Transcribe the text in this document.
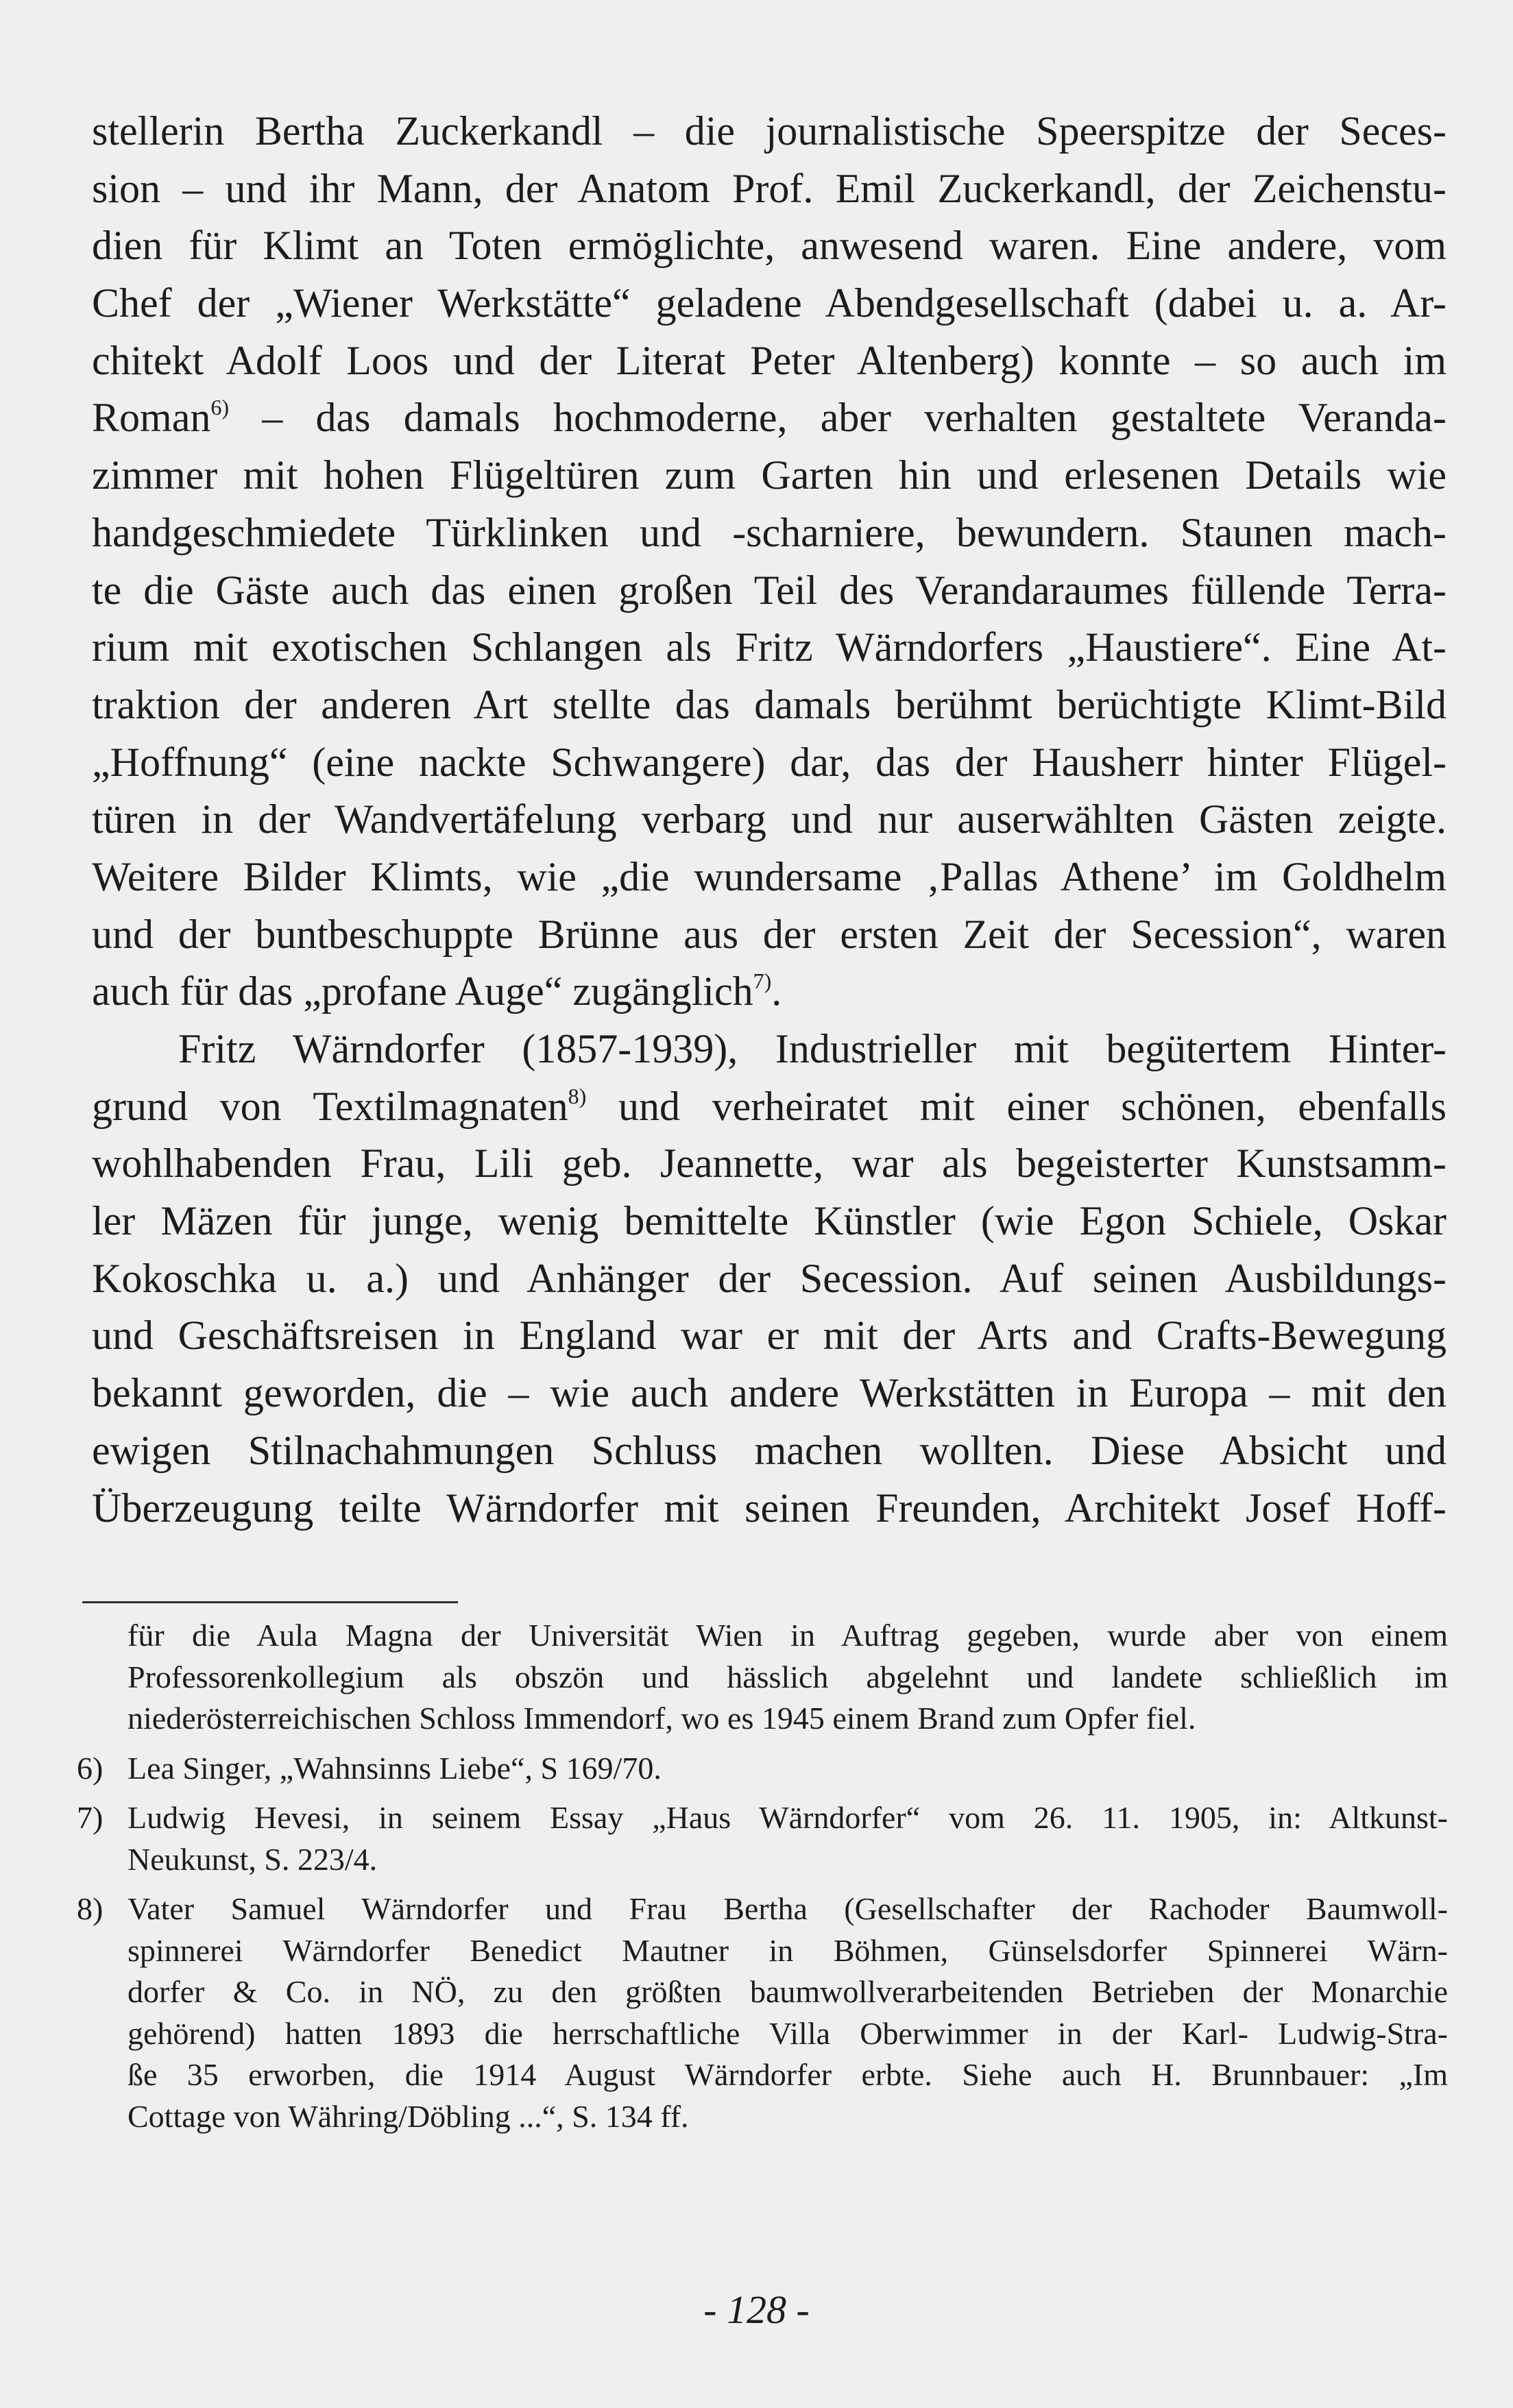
stellerin Bertha Zuckerkandl – die journalistische Speerspitze der Seces-
sion – und ihr Mann, der Anatom Prof. Emil Zuckerkandl, der Zeichenstu-
dien für Klimt an Toten ermöglichte, anwesend waren. Eine andere, vom
Chef der „Wiener Werkstätte“ geladene Abendgesellschaft (dabei u. a. Ar-
chitekt Adolf Loos und der Literat Peter Altenberg) konnte – so auch im
Roman$^{6)}$ – das damals hochmoderne, aber verhalten gestaltete Veranda-
zimmer mit hohen Flügeltüren zum Garten hin und erlesenen Details wie
handgeschmiedete Türklinken und -scharniere, bewundern. Staunen mach-
te die Gäste auch das einen großen Teil des Verandaraumes füllende Terra-
rium mit exotischen Schlangen als Fritz Wärndorfers „Haustiere“. Eine At-
traktion der anderen Art stellte das damals berühmt berüchtigte Klimt-Bild
„Hoffnung“ (eine nackte Schwangere) dar, das der Hausherr hinter Flügel-
türen in der Wandvertäfelung verbarg und nur auserwählten Gästen zeigte.
Weitere Bilder Klimts, wie „die wundersame ‚Pallas Athene’ im Goldhelm
und der buntbeschuppte Brünne aus der ersten Zeit der Secession“, waren
auch für das „profane Auge“ zugänglich$^{7)}$.
Fritz Wärndorfer (1857-1939), Industrieller mit begütertem Hinter-
grund von Textilmagnaten$^{8)}$ und verheiratet mit einer schönen, ebenfalls
wohlhabenden Frau, Lili geb. Jeannette, war als begeisterter Kunstsamm-
ler Mäzen für junge, wenig bemittelte Künstler (wie Egon Schiele, Oskar
Kokoschka u. a.) und Anhänger der Secession. Auf seinen Ausbildungs-
und Geschäftsreisen in England war er mit der Arts and Crafts-Bewegung
bekannt geworden, die – wie auch andere Werkstätten in Europa – mit den
ewigen Stilnachahmungen Schluss machen wollten. Diese Absicht und
Überzeugung teilte Wärndorfer mit seinen Freunden, Architekt Josef Hoff-
für die Aula Magna der Universität Wien in Auftrag gegeben, wurde aber von einem
Professorenkollegium als obszön und hässlich abgelehnt und landete schließlich im
niederösterreichischen Schloss Immendorf, wo es 1945 einem Brand zum Opfer fiel.
6) Lea Singer, „Wahnsinns Liebe“, S 169/70.
7) Ludwig Hevesi, in seinem Essay „Haus Wärndorfer“ vom 26. 11. 1905, in: Altkunst-
Neukunst, S. 223/4.
8) Vater Samuel Wärndorfer und Frau Bertha (Gesellschafter der Rachoder Baumwoll-
spinnerei Wärndorfer Benedict Mautner in Böhmen, Günselsdorfer Spinnerei Wärn-
dorfer & Co. in NÖ, zu den größten baumwollverarbeitenden Betrieben der Monarchie
gehörend) hatten 1893 die herrschaftliche Villa Oberwimmer in der Karl- Ludwig-Stra-
ße 35 erworben, die 1914 August Wärndorfer erbte. Siehe auch H. Brunnbauer: „Im
Cottage von Währing/Döbling ...“, S. 134 ff.
- 128 -
